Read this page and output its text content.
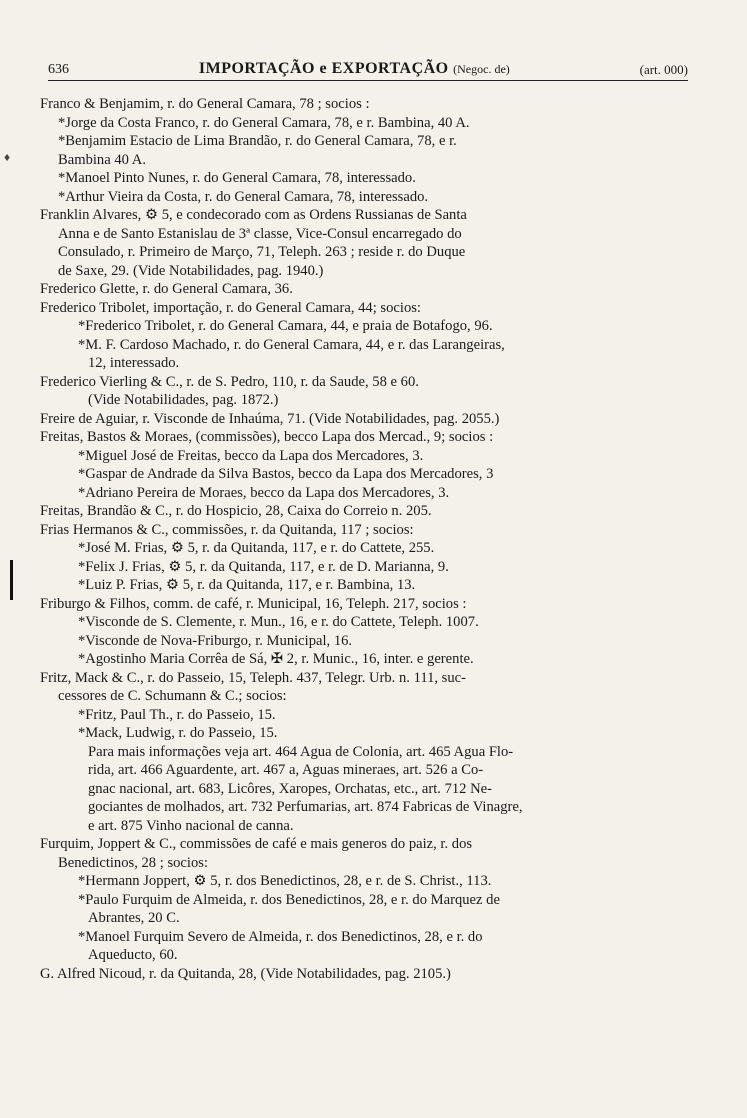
636	IMPORTAÇÃO e EXPORTAÇÃO (Negoc. de)	(art. 000)
Franco & Benjamim, r. do General Camara, 78 ; socios :
*Jorge da Costa Franco, r. do General Camara, 78, e r. Bambina, 40 A.
*Benjamim Estacio de Lima Brandão, r. do General Camara, 78, e r.
Bambina 40 A.
*Manoel Pinto Nunes, r. do General Camara, 78, interessado.
*Arthur Vieira da Costa, r. do General Camara, 78, interessado.
Franklin Alvares, ⚙ 5, e condecorado com as Ordens Russianas de Santa
Anna e de Santo Estanislau de 3ª classe, Vice-Consul encarregado do
Consulado, r. Primeiro de Março, 71, Teleph. 263 ; reside r. do Duque
de Saxe, 29. (Vide Notabilidades, pag. 1940.)
Frederico Glette, r. do General Camara, 36.
Frederico Tribolet, importação, r. do General Camara, 44; socios:
*Frederico Tribolet, r. do General Camara, 44, e praia de Botafogo, 96.
*M. F. Cardoso Machado, r. do General Camara, 44, e r. das Larangeiras,
12, interessado.
Frederico Vierling & C., r. de S. Pedro, 110, r. da Saude, 58 e 60.
(Vide Notabilidades, pag. 1872.)
Freire de Aguiar, r. Visconde de Inhaúma, 71. (Vide Notabilidades, pag. 2055.)
Freitas, Bastos & Moraes, (commissões), becco Lapa dos Mercad., 9; socios :
*Miguel José de Freitas, becco da Lapa dos Mercadores, 3.
*Gaspar de Andrade da Silva Bastos, becco da Lapa dos Mercadores, 3
*Adriano Pereira de Moraes, becco da Lapa dos Mercadores, 3.
Freitas, Brandão & C., r. do Hospicio, 28, Caixa do Correio n. 205.
Frias Hermanos & C., commissões, r. da Quitanda, 117 ; socios:
*José M. Frias, ⚙ 5, r. da Quitanda, 117, e r. do Cattete, 255.
*Felix J. Frias, ⚙ 5, r. da Quitanda, 117, e r. de D. Marianna, 9.
*Luiz P. Frias, ⚙ 5, r. da Quitanda, 117, e r. Bambina, 13.
Friburgo & Filhos, comm. de café, r. Municipal, 16, Teleph. 217, socios :
*Visconde de S. Clemente, r. Mun., 16, e r. do Cattete, Teleph. 1007.
*Visconde de Nova-Friburgo, r. Municipal, 16.
*Agostinho Maria Corrêa de Sá, ✠ 2, r. Munic., 16, inter. e gerente.
Fritz, Mack & C., r. do Passeio, 15, Teleph. 437, Telegr. Urb. n. 111, suc-
cessores de C. Schumann & C.; socios:
*Fritz, Paul Th., r. do Passeio, 15.
*Mack, Ludwig, r. do Passeio, 15.
Para mais informações veja art. 464 Agua de Colonia, art. 465 Agua Flo-
rida, art. 466 Aguardente, art. 467 a, Aguas mineraes, art. 526 a Co-
gnac nacional, art. 683, Licôres, Xaropes, Orchatas, etc., art. 712 Ne-
gociantes de molhados, art. 732 Perfumarias, art. 874 Fabricas de Vinagre,
e art. 875 Vinho nacional de canna.
Furquim, Joppert & C., commissões de café e mais generos do paiz, r. dos
Benedictinos, 28 ; socios:
*Hermann Joppert, ⚙ 5, r. dos Benedictinos, 28, e r. de S. Christ., 113.
*Paulo Furquim de Almeida, r. dos Benedictinos, 28, e r. do Marquez de
Abrantes, 20 C.
*Manoel Furquim Severo de Almeida, r. dos Benedictinos, 28, e r. do
Aqueducto, 60.
G. Alfred Nicoud, r. da Quitanda, 28, (Vide Notabilidades, pag. 2105.)
♦
